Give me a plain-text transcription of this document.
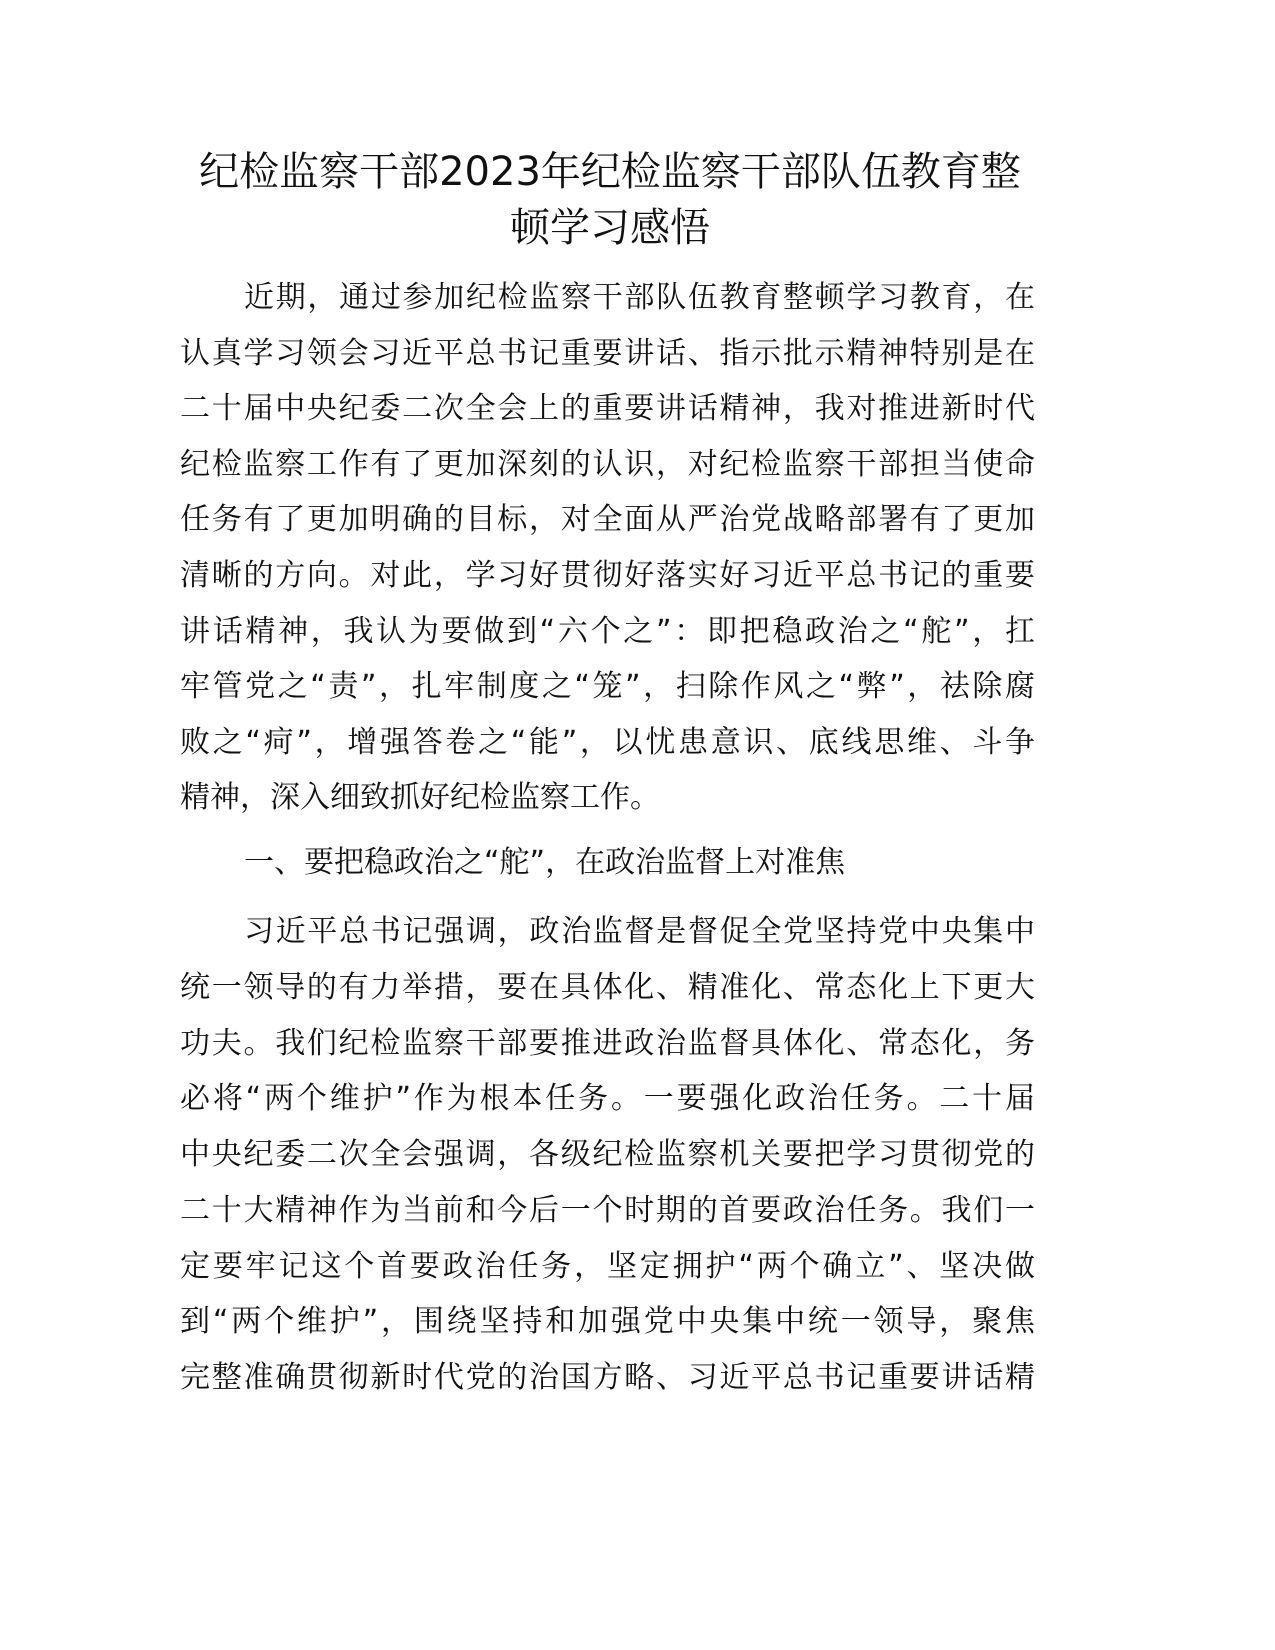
纪检监察干部2023年纪检监察干部队伍教育整
顿学习感悟
近期，通过参加纪检监察干部队伍教育整顿学习教育，在
认真学习领会习近平总书记重要讲话、指示批示精神特别是在
二十届中央纪委二次全会上的重要讲话精神，我对推进新时代
纪检监察工作有了更加深刻的认识，对纪检监察干部担当使命
任务有了更加明确的目标，对全面从严治党战略部署有了更加
清晰的方向。对此，学习好贯彻好落实好习近平总书记的重要
讲话精神，我认为要做到“六个之”：即把稳政治之“舵”，扛
牢管党之“责”，扎牢制度之“笼”，扫除作风之“弊”，祛除腐
败之“疴”，增强答卷之“能”，以忧患意识、底线思维、斗争
精神，深入细致抓好纪检监察工作。
一、要把稳政治之“舵”，在政治监督上对准焦
习近平总书记强调，政治监督是督促全党坚持党中央集中
统一领导的有力举措，要在具体化、精准化、常态化上下更大
功夫。我们纪检监察干部要推进政治监督具体化、常态化，务
必将“两个维护”作为根本任务。一要强化政治任务。二十届
中央纪委二次全会强调，各级纪检监察机关要把学习贯彻党的
二十大精神作为当前和今后一个时期的首要政治任务。我们一
定要牢记这个首要政治任务，坚定拥护“两个确立”、坚决做
到“两个维护”，围绕坚持和加强党中央集中统一领导，聚焦
完整准确贯彻新时代党的治国方略、习近平总书记重要讲话精
